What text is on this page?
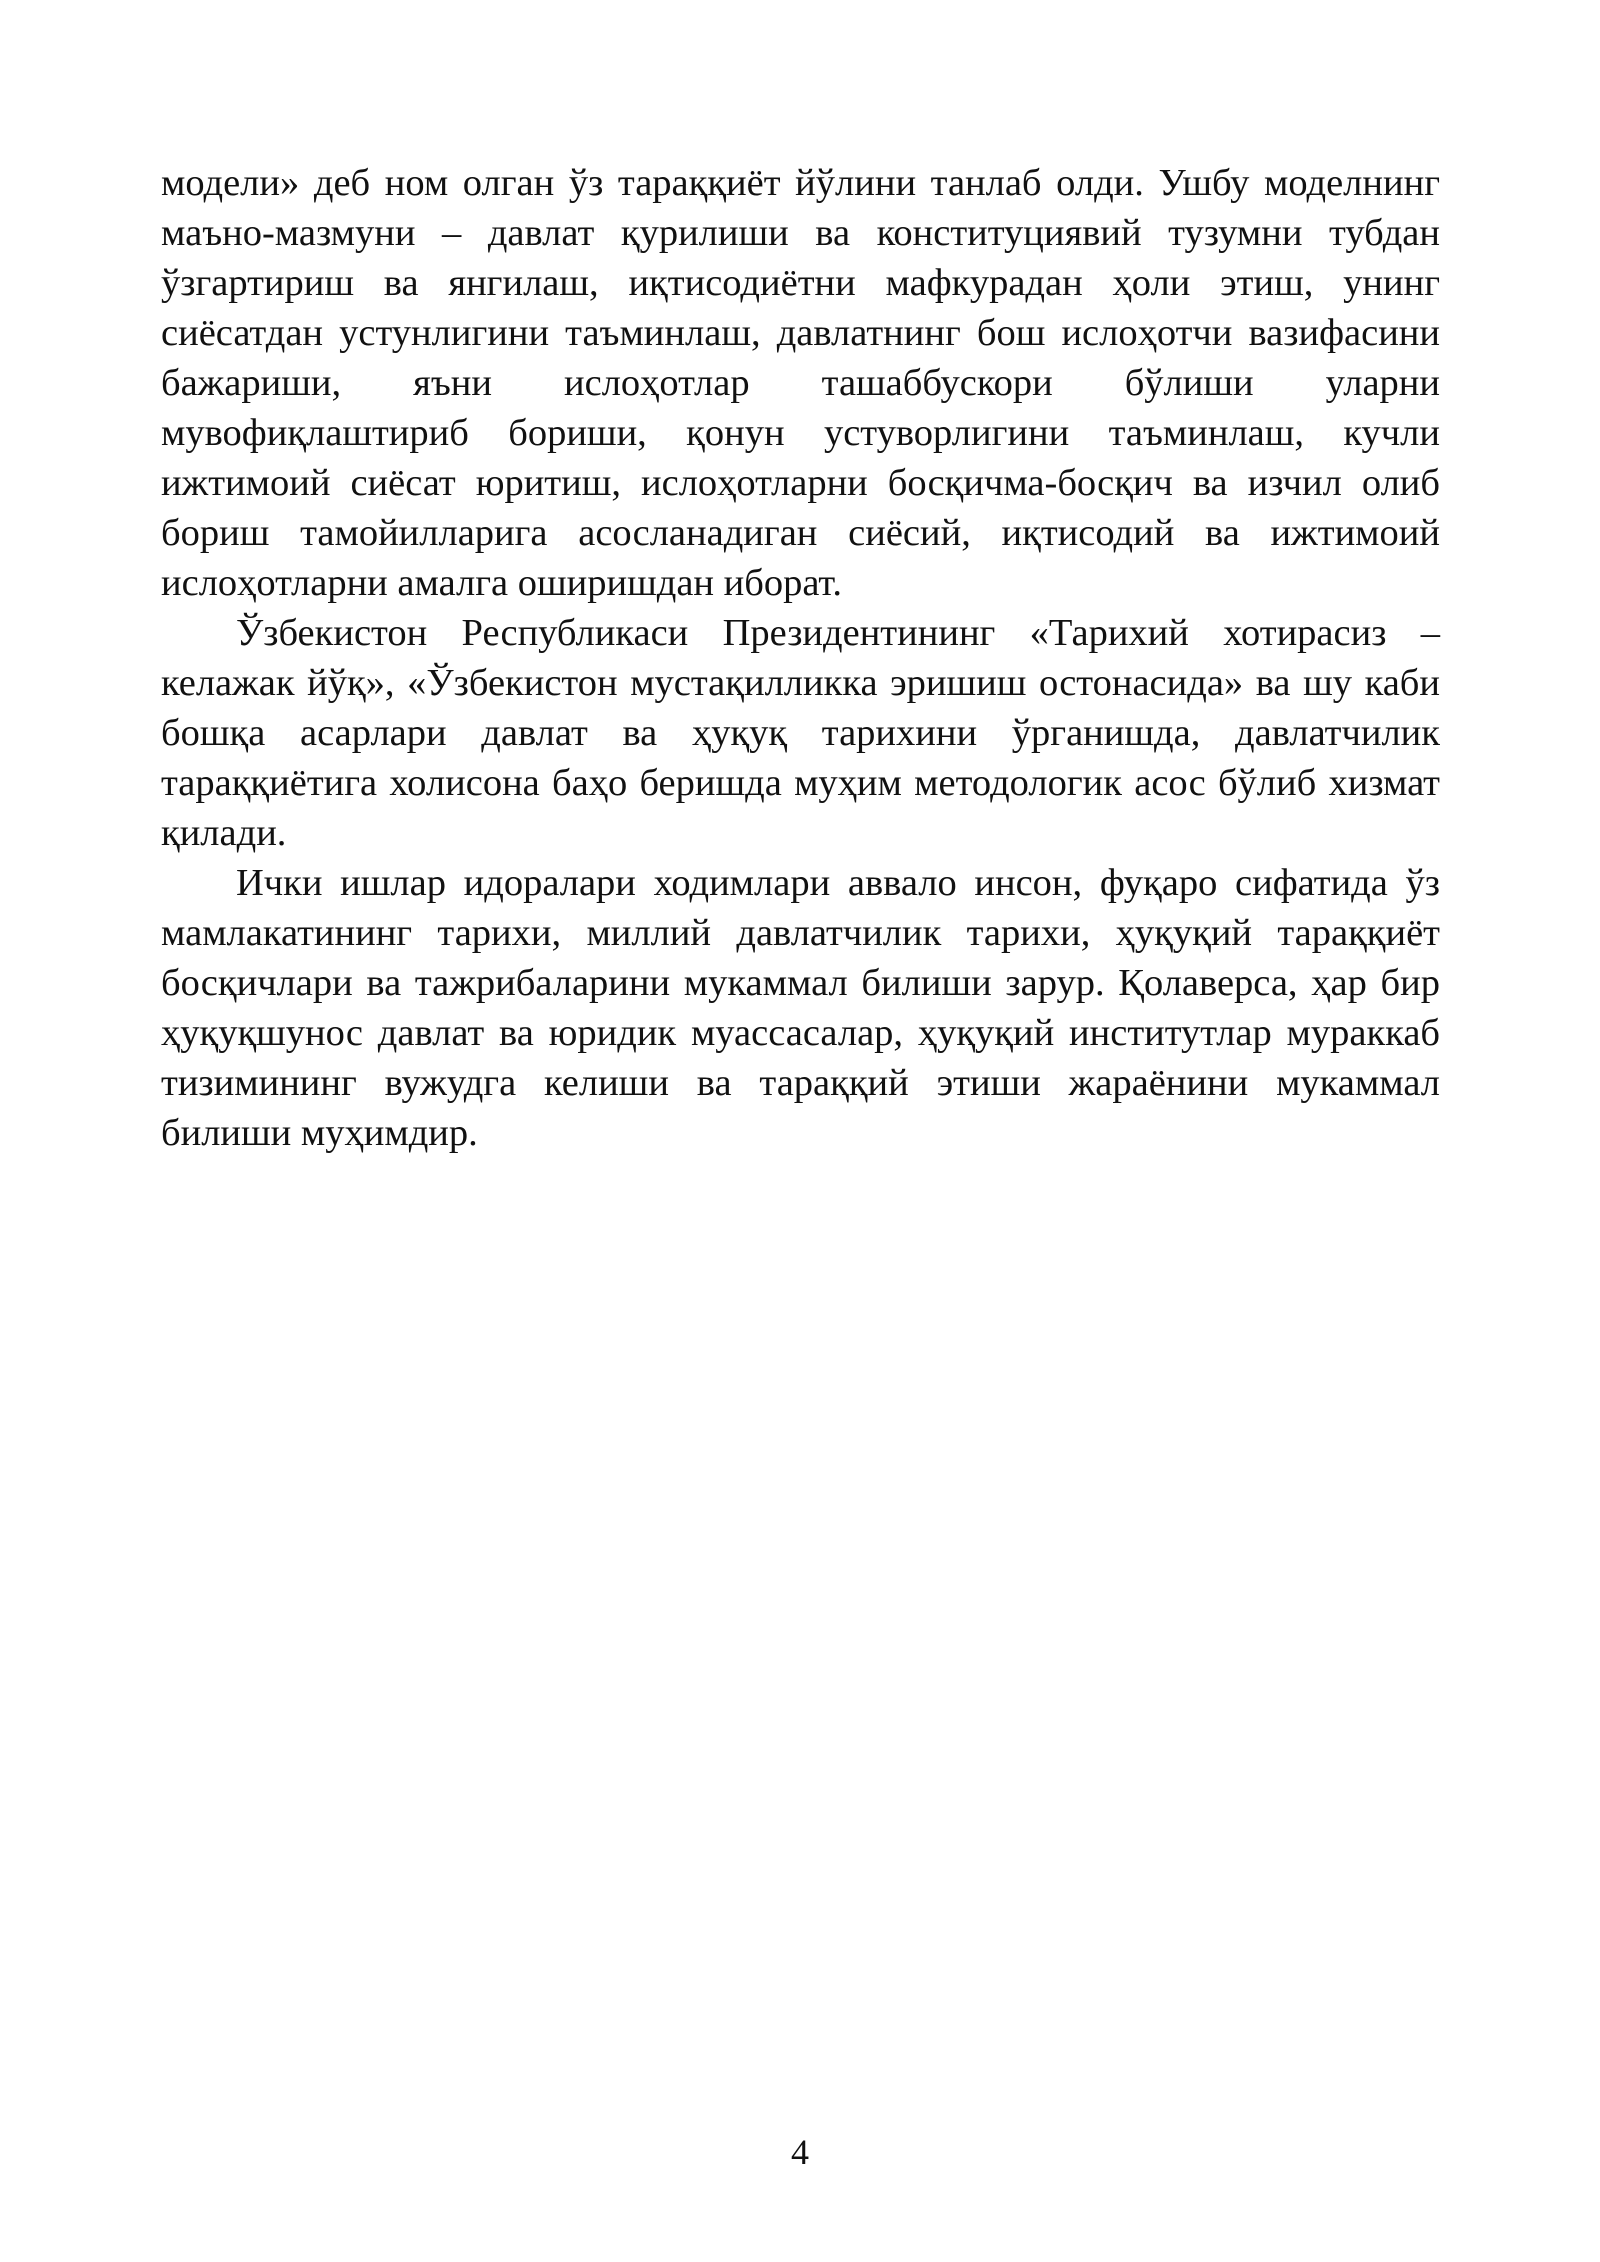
модели» деб ном олган ўз тараққиёт йўлини танлаб олди. Ушбу моделнинг маъно-мазмуни – давлат қурилиши ва конституциявий тузумни тубдан ўзгартириш ва янгилаш, иқтисодиётни мафкурадан ҳоли этиш, унинг сиёсатдан устунлигини таъминлаш, давлатнинг бош ислоҳотчи вазифасини бажариши, яъни ислоҳотлар ташаббускори бўлиши уларни мувофиқлаштириб бориши, қонун устуворлигини таъминлаш, кучли ижтимоий сиёсат юритиш, ислоҳотларни босқичма-босқич ва изчил олиб бориш тамойилларига асосланадиган сиёсий, иқтисодий ва ижтимоий ислоҳотларни амалга оширишдан иборат.

Ўзбекистон Республикаси Президентининг «Тарихий хотирасиз – келажак йўқ», «Ўзбекистон мустақилликка эришиш остонасида» ва шу каби бошқа асарлари давлат ва ҳуқуқ тарихини ўрганишда, давлатчилик тараққиётига холисона баҳо беришда муҳим методологик асос бўлиб хизмат қилади.

Ички ишлар идоралари ходимлари аввало инсон, фуқаро сифатида ўз мамлакатининг тарихи, миллий давлатчилик тарихи, ҳуқуқий тараққиёт босқичлари ва тажрибаларини мукаммал билиши зарур. Қолаверса, ҳар бир ҳуқуқшунос давлат ва юридик муассасалар, ҳуқуқий институтлар мураккаб тизимининг вужудга келиши ва тараққий этиши жараёнини мукаммал билиши муҳимдир.

4
